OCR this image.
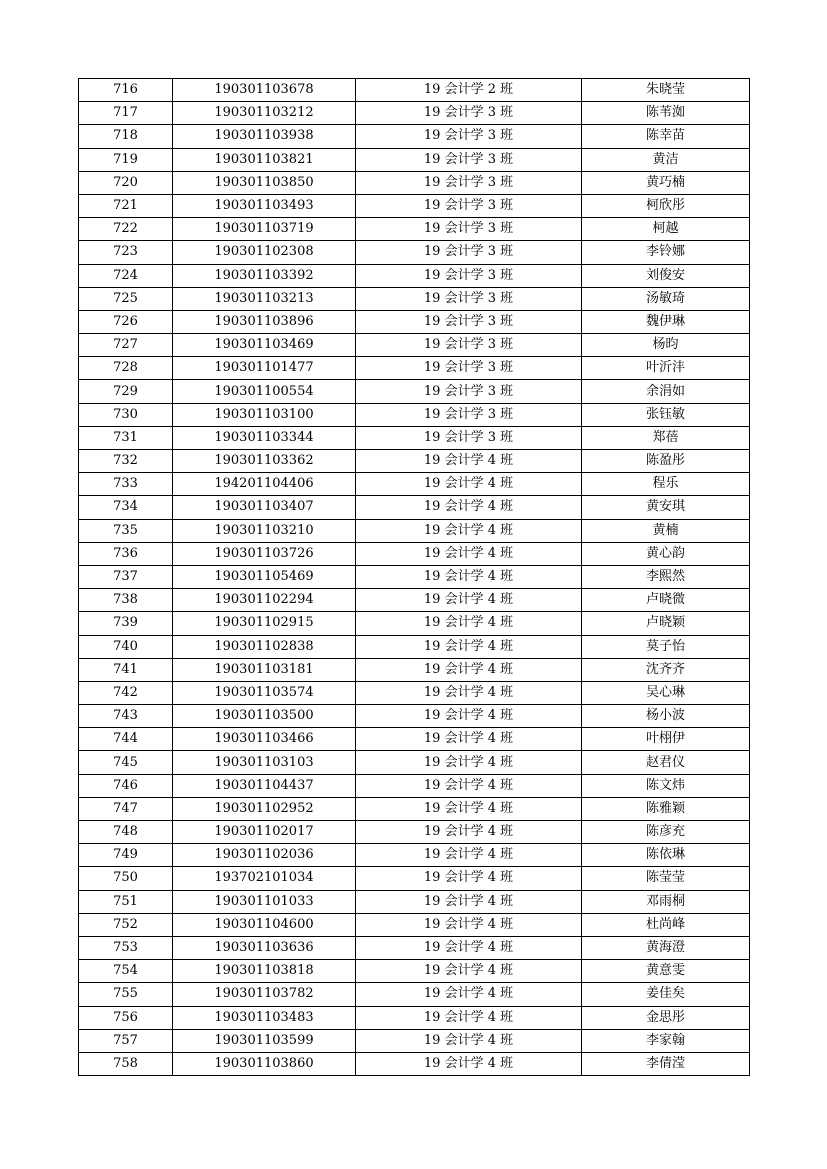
716	190301103678	19 会计学 2 班	朱晓莹
717	190301103212	19 会计学 3 班	陈苇洳
718	190301103938	19 会计学 3 班	陈幸苗
719	190301103821	19 会计学 3 班	黄洁
720	190301103850	19 会计学 3 班	黄巧楠
721	190301103493	19 会计学 3 班	柯欣彤
722	190301103719	19 会计学 3 班	柯越
723	190301102308	19 会计学 3 班	李铃娜
724	190301103392	19 会计学 3 班	刘俊安
725	190301103213	19 会计学 3 班	汤敏琦
726	190301103896	19 会计学 3 班	魏伊琳
727	190301103469	19 会计学 3 班	杨昀
728	190301101477	19 会计学 3 班	叶沂沣
729	190301100554	19 会计学 3 班	余涓如
730	190301103100	19 会计学 3 班	张钰敏
731	190301103344	19 会计学 3 班	郑蓓
732	190301103362	19 会计学 4 班	陈盈彤
733	194201104406	19 会计学 4 班	程乐
734	190301103407	19 会计学 4 班	黄安琪
735	190301103210	19 会计学 4 班	黄楠
736	190301103726	19 会计学 4 班	黄心韵
737	190301105469	19 会计学 4 班	李熙然
738	190301102294	19 会计学 4 班	卢晓微
739	190301102915	19 会计学 4 班	卢晓颖
740	190301102838	19 会计学 4 班	莫子怡
741	190301103181	19 会计学 4 班	沈齐齐
742	190301103574	19 会计学 4 班	吴心琳
743	190301103500	19 会计学 4 班	杨小波
744	190301103466	19 会计学 4 班	叶栩伊
745	190301103103	19 会计学 4 班	赵君仪
746	190301104437	19 会计学 4 班	陈文炜
747	190301102952	19 会计学 4 班	陈雅颖
748	190301102017	19 会计学 4 班	陈彦充
749	190301102036	19 会计学 4 班	陈依琳
750	193702101034	19 会计学 4 班	陈莹莹
751	190301101033	19 会计学 4 班	邓雨桐
752	190301104600	19 会计学 4 班	杜尚峰
753	190301103636	19 会计学 4 班	黄海澄
754	190301103818	19 会计学 4 班	黄意雯
755	190301103782	19 会计学 4 班	姜佳矣
756	190301103483	19 会计学 4 班	金思彤
757	190301103599	19 会计学 4 班	李家翰
758	190301103860	19 会计学 4 班	李倩滢
